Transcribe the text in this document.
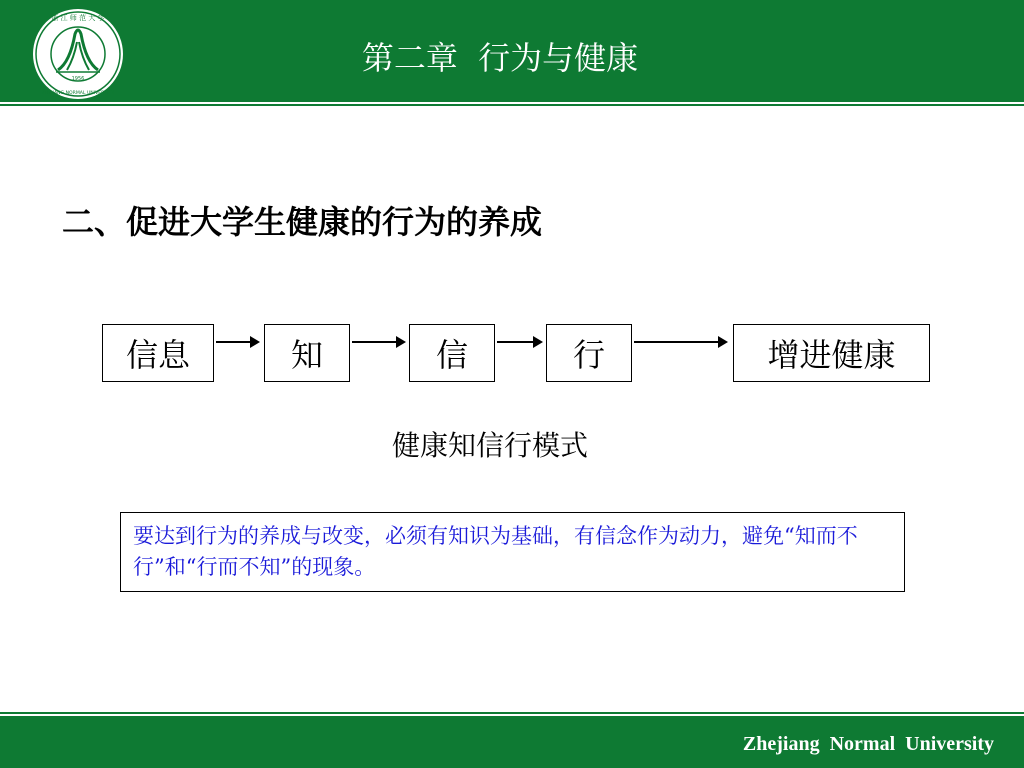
1956
浙 江 师 范 大 学
ZHEJIANG NORMAL UNIVERSITY
第二章  行为与健康
二、促进大学生健康的行为的养成
信息	知	信	行	增进健康
健康知信行模式
要达到行为的养成与改变，必须有知识为基础，有信念作为动力，避免“知而不行”和“行而不知”的现象。
Zhejiang  Normal  University
